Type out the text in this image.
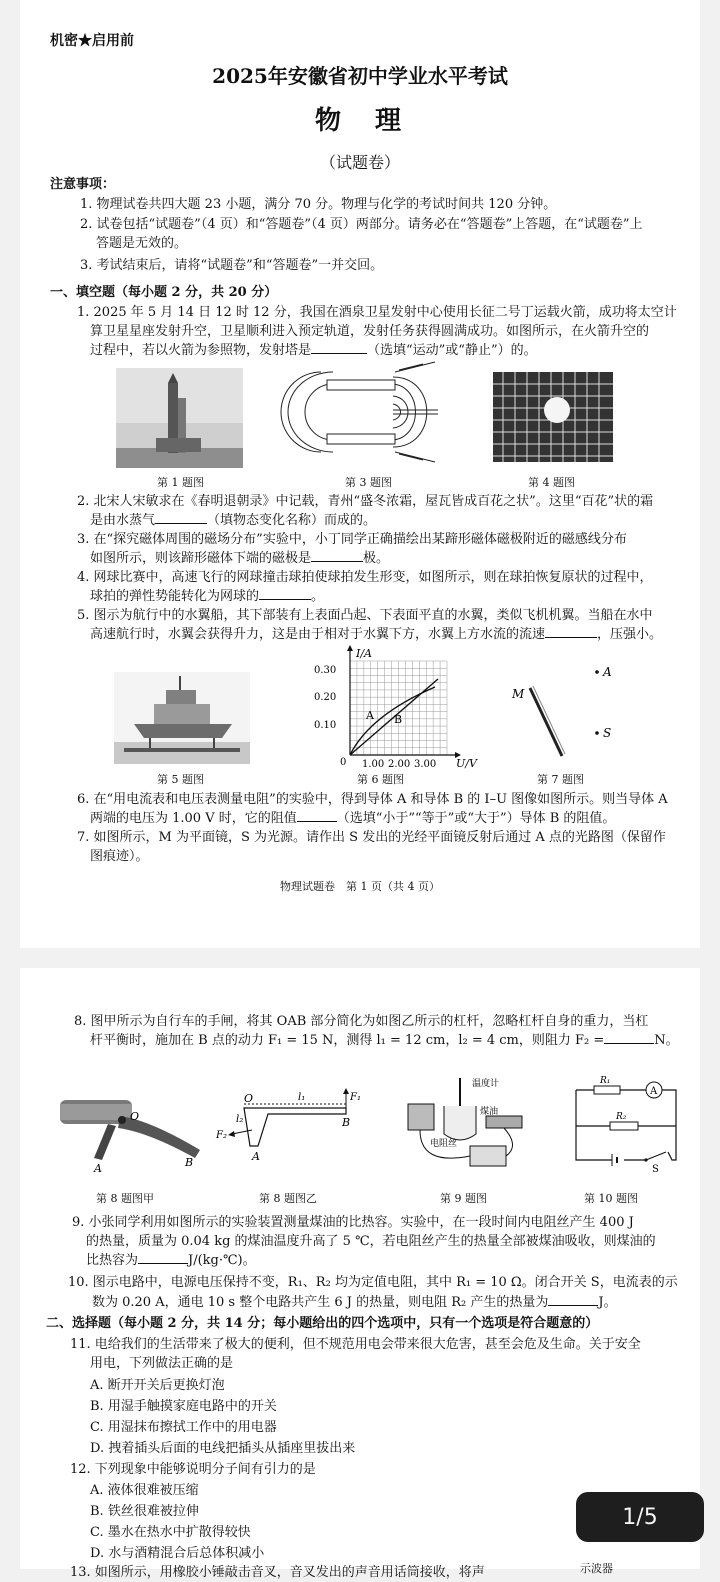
机密★启用前
2025年安徽省初中学业水平考试
物　理
（试题卷）
注意事项：
1. 物理试卷共四大题 23 小题，满分 70 分。物理与化学的考试时间共 120 分钟。
2. 试卷包括“试题卷”（4 页）和“答题卷”（4 页）两部分。请务必在“答题卷”上答题，在“试题卷”上
答题是无效的。
3. 考试结束后，请将“试题卷”和“答题卷”一并交回。
一、填空题（每小题 2 分，共 20 分）
1. 2025 年 5 月 14 日 12 时 12 分，我国在酒泉卫星发射中心使用长征二号丁运载火箭，成功将太空计
算卫星星座发射升空，卫星顺利进入预定轨道，发射任务获得圆满成功。如图所示，在火箭升空的
过程中，若以火箭为参照物，发射塔是	（选填“运动”或“静止”）的。
第 1 题图	第 3 题图	第 4 题图
2. 北宋人宋敏求在《春明退朝录》中记载，青州“盛冬浓霜，屋瓦皆成百花之状”。这里“百花”状的霜
是由水蒸气	（填物态变化名称）而成的。
3. 在“探究磁体周围的磁场分布”实验中，小丁同学正确描绘出某蹄形磁体磁极附近的磁感线分布
如图所示，则该蹄形磁体下端的磁极是	极。
4. 网球比赛中，高速飞行的网球撞击球拍使球拍发生形变，如图所示，则在球拍恢复原状的过程中，
球拍的弹性势能转化为网球的	。
5. 图示为航行中的水翼船，其下部装有上表面凸起、下表面平直的水翼，类似飞机机翼。当船在水中
高速航行时，水翼会获得升力，这是由于相对于水翼下方，水翼上方水流的流速	，压强小。
I/A
U/V
0.30
0.20
0.10
0 1.00 2.00 3.00
A B
M
A
S
第 5 题图	第 6 题图	第 7 题图
6. 在“用电流表和电压表测量电阻”的实验中，得到导体 A 和导体 B 的 I–U 图像如图所示。则当导体 A
两端的电压为 1.00 V 时，它的阻值	（选填“小于”“等于”或“大于”）导体 B 的阻值。
7. 如图所示，M 为平面镜，S 为光源。请作出 S 发出的光经平面镜反射后通过 A 点的光路图（保留作
图痕迹）。
物理试题卷　第 1 页（共 4 页）
8. 图甲所示为自行车的手闸，将其 OAB 部分简化为如图乙所示的杠杆，忽略杠杆自身的重力，当杠
杆平衡时，施加在 B 点的动力 F₁ = 15 N，测得 l₁ = 12 cm，l₂ = 4 cm，则阻力 F₂ =	N。
O
A	B
O	l₁
l₂
F₁
F₂
A
B
温度计
煤油
电阻丝
R₁
R₂
A
S
第 8 题图甲	第 8 题图乙	第 9 题图	第 10 题图
9. 小张同学利用如图所示的实验装置测量煤油的比热容。实验中，在一段时间内电阻丝产生 400 J
的热量，质量为 0.04 kg 的煤油温度升高了 5 ℃，若电阻丝产生的热量全部被煤油吸收，则煤油的
比热容为	J/(kg·℃)。
10. 图示电路中，电源电压保持不变，R₁、R₂ 均为定值电阻，其中 R₁ = 10 Ω。闭合开关 S，电流表的示
数为 0.20 A，通电 10 s 整个电路共产生 6 J 的热量，则电阻 R₂ 产生的热量为	J。
二、选择题（每小题 2 分，共 14 分；每小题给出的四个选项中，只有一个选项是符合题意的）
11. 电给我们的生活带来了极大的便利，但不规范用电会带来很大危害，甚至会危及生命。关于安全
用电，下列做法正确的是
A. 断开开关后更换灯泡
B. 用湿手触摸家庭电路中的开关
C. 用湿抹布擦拭工作中的用电器
D. 拽着插头后面的电线把插头从插座里拔出来
12. 下列现象中能够说明分子间有引力的是
A. 液体很难被压缩
B. 铁丝很难被拉伸
C. 墨水在热水中扩散得较快
D. 水与酒精混合后总体积减小
13. 如图所示，用橡胶小锤敲击音叉，音叉发出的声音用话筒接收，将声	示波器
1/5
